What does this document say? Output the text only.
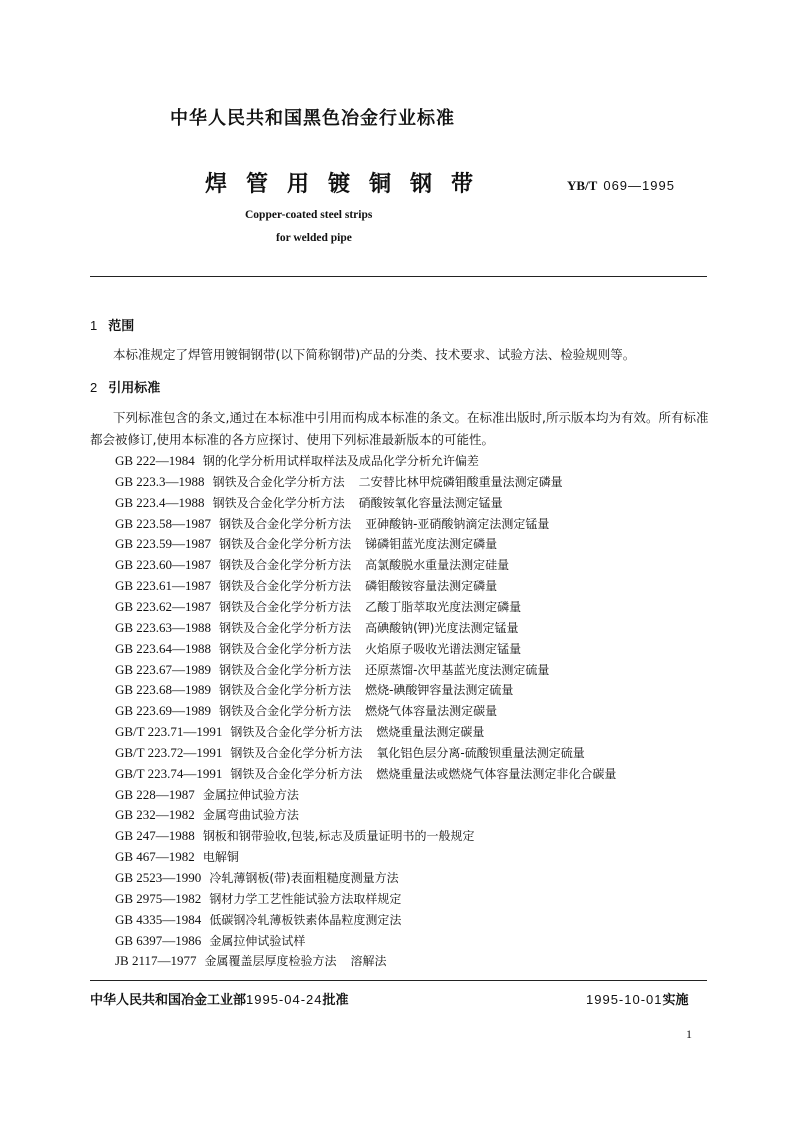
中华人民共和国黑色冶金行业标准
焊管用镀铜钢带	YB/T 069—1995
Copper-coated steel strips
for welded pipe
1 范围
本标准规定了焊管用镀铜钢带(以下简称钢带)产品的分类、技术要求、试验方法、检验规则等。
2 引用标准
下列标准包含的条文,通过在本标准中引用而构成本标准的条文。在标准出版时,所示版本均为有效。所有标准都会被修订,使用本标准的各方应探讨、使用下列标准最新版本的可能性。
GB 222—1984 钢的化学分析用试样取样法及成品化学分析允许偏差
GB 223.3—1988 钢铁及合金化学分析方法 二安替比林甲烷磷钼酸重量法测定磷量
GB 223.4—1988 钢铁及合金化学分析方法 硝酸铵氧化容量法测定锰量
GB 223.58—1987 钢铁及合金化学分析方法 亚砷酸钠-亚硝酸钠滴定法测定锰量
GB 223.59—1987 钢铁及合金化学分析方法 锑磷钼蓝光度法测定磷量
GB 223.60—1987 钢铁及合金化学分析方法 高氯酸脱水重量法测定硅量
GB 223.61—1987 钢铁及合金化学分析方法 磷钼酸铵容量法测定磷量
GB 223.62—1987 钢铁及合金化学分析方法 乙酸丁脂萃取光度法测定磷量
GB 223.63—1988 钢铁及合金化学分析方法 高碘酸钠(钾)光度法测定锰量
GB 223.64—1988 钢铁及合金化学分析方法 火焰原子吸收光谱法测定锰量
GB 223.67—1989 钢铁及合金化学分析方法 还原蒸馏-次甲基蓝光度法测定硫量
GB 223.68—1989 钢铁及合金化学分析方法 燃烧-碘酸钾容量法测定硫量
GB 223.69—1989 钢铁及合金化学分析方法 燃烧气体容量法测定碳量
GB/T 223.71—1991 钢铁及合金化学分析方法 燃烧重量法测定碳量
GB/T 223.72—1991 钢铁及合金化学分析方法 氧化铝色层分离-硫酸钡重量法测定硫量
GB/T 223.74—1991 钢铁及合金化学分析方法 燃烧重量法或燃烧气体容量法测定非化合碳量
GB 228—1987 金属拉伸试验方法
GB 232—1982 金属弯曲试验方法
GB 247—1988 钢板和钢带验收,包装,标志及质量证明书的一般规定
GB 467—1982 电解铜
GB 2523—1990 冷轧薄钢板(带)表面粗糙度测量方法
GB 2975—1982 钢材力学工艺性能试验方法取样规定
GB 4335—1984 低碳钢冷轧薄板铁素体晶粒度测定法
GB 6397—1986 金属拉伸试验试样
JB 2117—1977 金属覆盖层厚度检验方法 溶解法
中华人民共和国冶金工业部1995-04-24批准	1995-10-01实施
1
